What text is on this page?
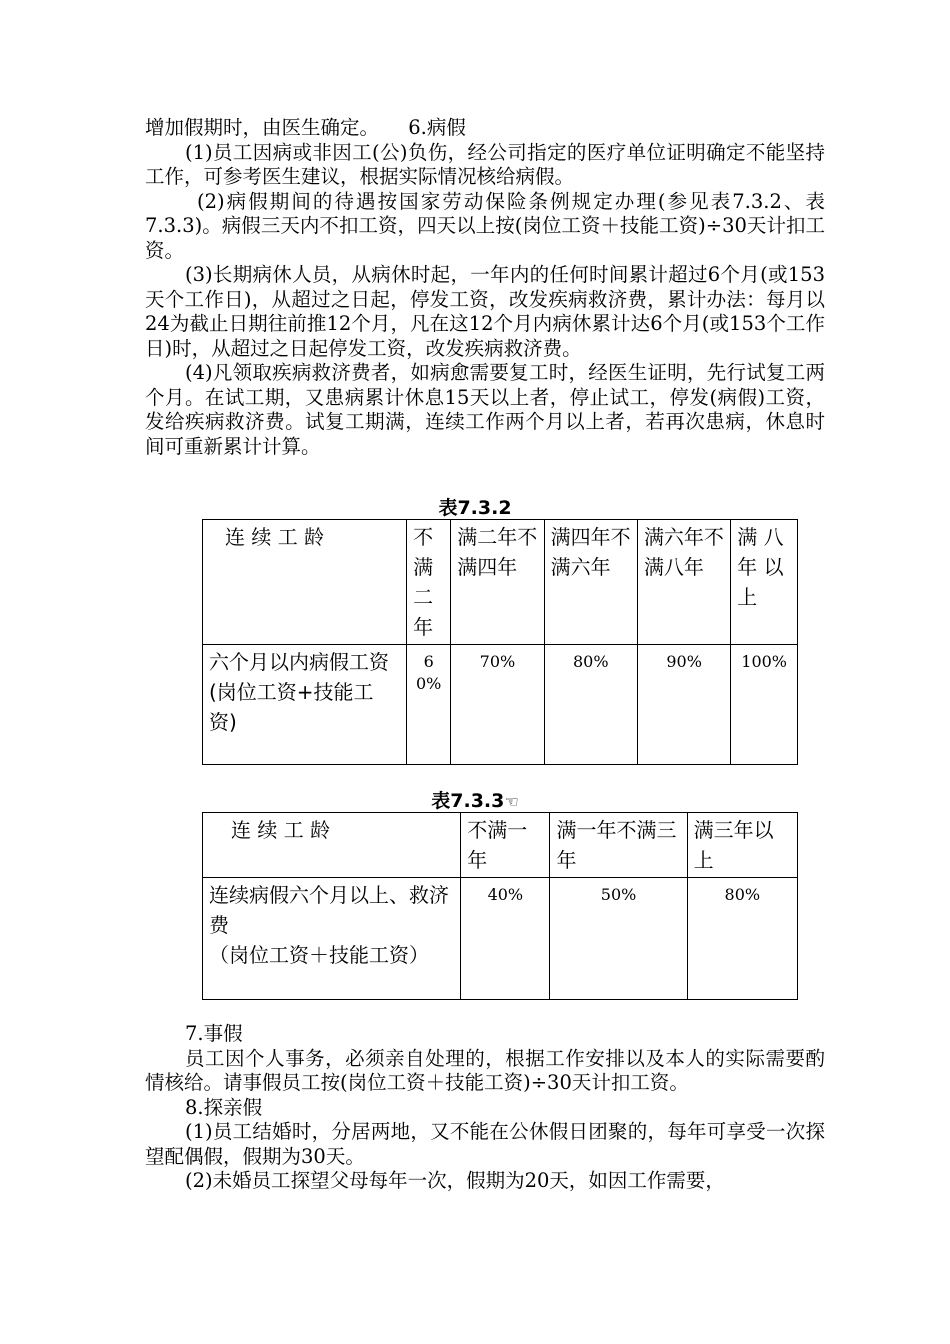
增加假期时，由医生确定。　　6.病假
(1)员工因病或非因工(公)负伤，经公司指定的医疗单位证明确定不能坚持工作，可参考医生建议，根据实际情况核给病假。
(2)病假期间的待遇按国家劳动保险条例规定办理(参见表7.3.2、表7.3.3)。病假三天内不扣工资，四天以上按(岗位工资＋技能工资)÷30天计扣工资。
(3)长期病休人员，从病休时起，一年内的任何时间累计超过6个月(或153天个工作日)，从超过之日起，停发工资，改发疾病救济费，累计办法：每月以24为截止日期往前推12个月，凡在这12个月内病休累计达6个月(或153个工作日)时，从超过之日起停发工资，改发疾病救济费。
(4)凡领取疾病救济费者，如病愈需要复工时，经医生证明，先行试复工两个月。在试工期，又患病累计休息15天以上者，停止试工，停发(病假)工资，发给疾病救济费。试复工期满，连续工作两个月以上者，若再次患病，休息时间可重新累计计算。
表7.3.2
连 续 工 龄	不满二年	满二年不满四年	满四年不满六年	满六年不满八年	满 八年 以上

六个月以内病假工资
(岗位工资+技能工资)	60%	70%	80%	90%	100%
表7.3.3☜
连 续 工 龄	不满一年	满一年不满三年	满三年以上

连续病假六个月以上、救济费
（岗位工资＋技能工资）	40%	50%	80%
7.事假
员工因个人事务，必须亲自处理的，根据工作安排以及本人的实际需要酌情核给。请事假员工按(岗位工资＋技能工资)÷30天计扣工资。
8.探亲假
(1)员工结婚时，分居两地，又不能在公休假日团聚的，每年可享受一次探望配偶假，假期为30天。
(2)未婚员工探望父母每年一次，假期为20天，如因工作需要，
